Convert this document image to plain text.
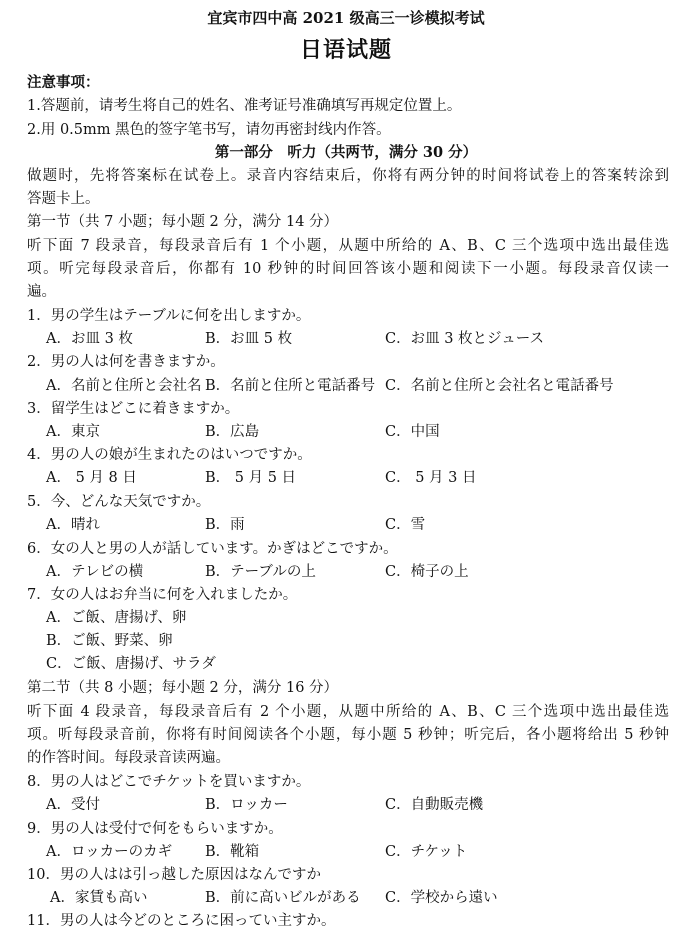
宜宾市四中高 2021 级高三一诊模拟考试
日语试题
注意事项：
1.答题前，请考生将自己的姓名、准考证号准确填写再规定位置上。
2.用 0.5mm 黑色的签字笔书写，请勿再密封线内作答。
第一部分　听力（共两节，满分 30 分）
做题时，先将答案标在试卷上。录音内容结束后，你将有两分钟的时间将试卷上的答案转涂到
答题卡上。
第一节（共 7 小题；每小题 2 分，满分 14 分）
听下面 7 段录音，每段录音后有 1 个小题，从题中所给的 A、B、C 三个选项中选出最佳选
项。听完每段录音后，你都有 10 秒钟的时间回答该小题和阅读下一小题。每段录音仅读一
遍。
1．男の学生はテーブルに何を出しますか。
A．お皿 3 枚	B．お皿 5 枚	C．お皿 3 枚とジュース
2．男の人は何を書きますか。
A．名前と住所と会社名 B．名前と住所と電話番号 C．名前と住所と会社名と電話番号
3．留学生はどこに着きますか。
A．東京	B．広島	C．中国
4．男の人の娘が生まれたのはいつですか。
A． 5 月 8 日	B． 5 月 5 日	C． 5 月 3 日
5．今、どんな天気ですか。
A．晴れ	B．雨	C．雪
6．女の人と男の人が話しています。かぎはどこですか。
A．テレビの横	B．テーブルの上	C．椅子の上
7．女の人はお弁当に何を入れましたか。
A．ご飯、唐揚げ、卵
B．ご飯、野菜、卵
C．ご飯、唐揚げ、サラダ
第二节（共 8 小题；每小题 2 分，满分 16 分）
听下面 4 段录音，每段录音后有 2 个小题，从题中所给的 A、B、C 三个选项中选出最佳选
项。听每段录音前，你将有时间阅读各个小题，每小题 5 秒钟；听完后，各小题将给出 5 秒钟
的作答时间。每段录音读两遍。
8．男の人はどこでチケットを買いますか。
A．受付	B．ロッカー	C．自動販売機
9．男の人は受付で何をもらいますか。
A．ロッカーのカギ B．靴箱	C．チケット
10．男の人はは引っ越した原因はなんですか
A．家賃も高い	B．前に高いビルがある C．学校から遠い
11．男の人は今どのところに困ってい主すか。
